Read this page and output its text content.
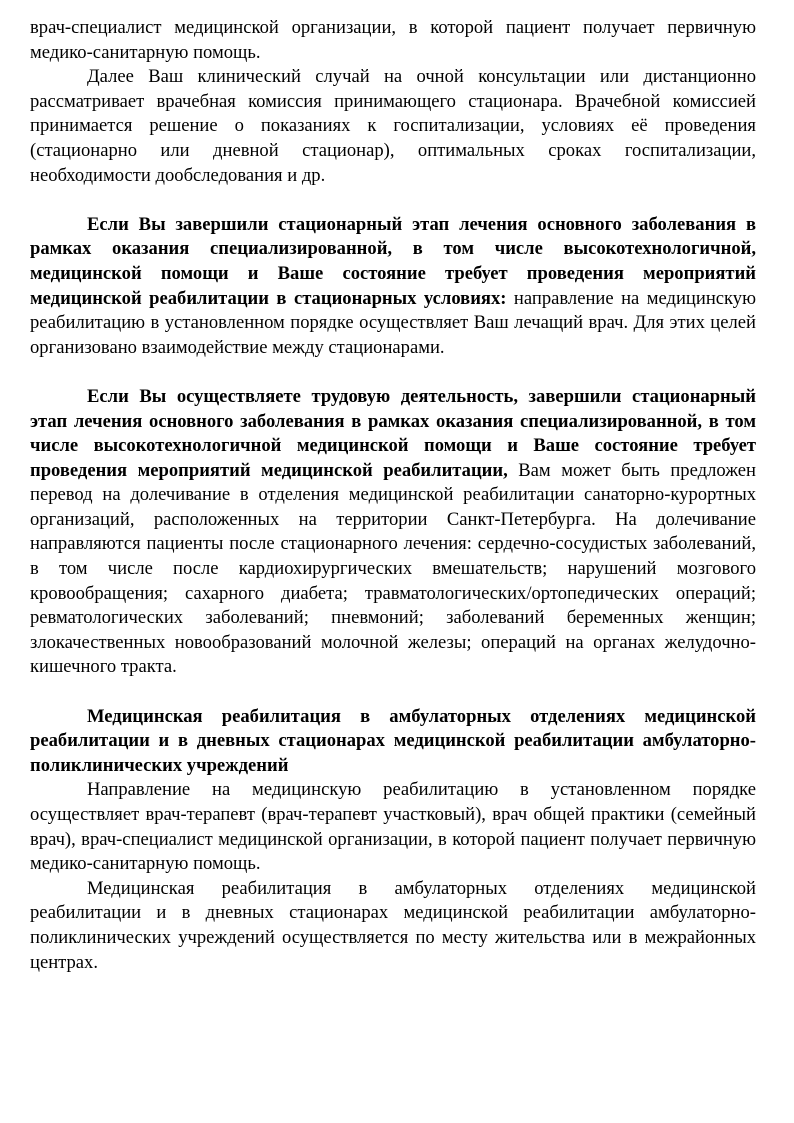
врач-специалист медицинской организации, в которой пациент получает первичную медико-санитарную помощь.

Далее Ваш клинический случай на очной консультации или дистанционно рассматривает врачебная комиссия принимающего стационара. Врачебной комиссией принимается решение о показаниях к госпитализации, условиях её проведения (стационарно или дневной стационар), оптимальных сроках госпитализации, необходимости дообследования и др.

Если Вы завершили стационарный этап лечения основного заболевания в рамках оказания специализированной, в том числе высокотехнологичной, медицинской помощи и Ваше состояние требует проведения мероприятий медицинской реабилитации в стационарных условиях: направление на медицинскую реабилитацию в установленном порядке осуществляет Ваш лечащий врач. Для этих целей организовано взаимодействие между стационарами.

Если Вы осуществляете трудовую деятельность, завершили стационарный этап лечения основного заболевания в рамках оказания специализированной, в том числе высокотехнологичной медицинской помощи и Ваше состояние требует проведения мероприятий медицинской реабилитации, Вам может быть предложен перевод на долечивание в отделения медицинской реабилитации санаторно-курортных организаций, расположенных на территории Санкт-Петербурга. На долечивание направляются пациенты после стационарного лечения: сердечно-сосудистых заболеваний, в том числе после кардиохирургических вмешательств; нарушений мозгового кровообращения; сахарного диабета; травматологических/ортопедических операций; ревматологических заболеваний; пневмоний; заболеваний беременных женщин; злокачественных новообразований молочной железы; операций на органах желудочно-кишечного тракта.

Медицинская реабилитация в амбулаторных отделениях медицинской реабилитации и в дневных стационарах медицинской реабилитации амбулаторно-поликлинических учреждений

Направление на медицинскую реабилитацию в установленном порядке осуществляет врач-терапевт (врач-терапевт участковый), врач общей практики (семейный врач), врач-специалист медицинской организации, в которой пациент получает первичную медико-санитарную помощь.

Медицинская реабилитация в амбулаторных отделениях медицинской реабилитации и в дневных стационарах медицинской реабилитации амбулаторно-поликлинических учреждений осуществляется по месту жительства или в межрайонных центрах.
